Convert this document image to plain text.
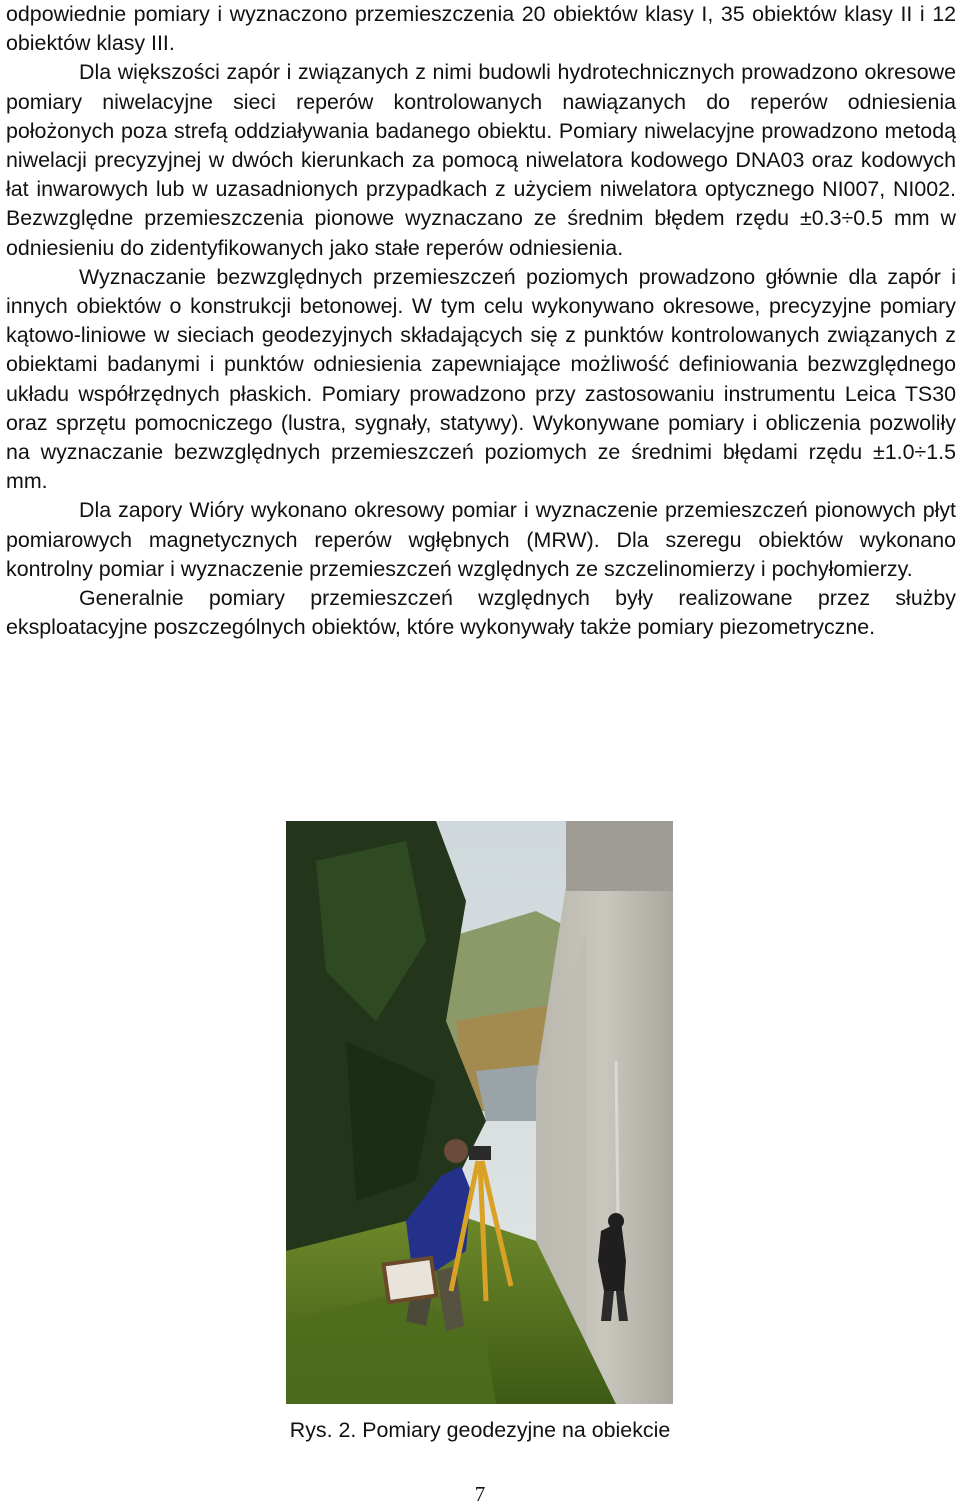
odpowiednie pomiary i wyznaczono przemieszczenia 20 obiektów klasy I, 35 obiektów klasy II i 12 obiektów klasy III.

Dla większości zapór i związanych z nimi budowli hydrotechnicznych prowadzono okresowe pomiary niwelacyjne sieci reperów kontrolowanych nawiązanych do reperów odniesienia położonych poza strefą oddziaływania badanego obiektu. Pomiary niwelacyjne prowadzono metodą niwelacji precyzyjnej w dwóch kierunkach za pomocą niwelatora kodowego DNA03 oraz kodowych łat inwarowych lub w uzasadnionych przypadkach z użyciem niwelatora optycznego NI007, NI002. Bezwzględne przemieszczenia pionowe wyznaczano ze średnim błędem rzędu ±0.3÷0.5 mm w odniesieniu do zidentyfikowanych jako stałe reperów odniesienia.

Wyznaczanie bezwzględnych przemieszczeń poziomych prowadzono głównie dla zapór i innych obiektów o konstrukcji betonowej. W tym celu wykonywano okresowe, precyzyjne pomiary kątowo-liniowe w sieciach geodezyjnych składających się z punktów kontrolowanych związanych z obiektami badanymi i punktów odniesienia zapewniające możliwość definiowania bezwzględnego układu współrzędnych płaskich. Pomiary prowadzono przy zastosowaniu instrumentu Leica TS30 oraz sprzętu pomocniczego (lustra, sygnały, statywy). Wykonywane pomiary i obliczenia pozwoliły na wyznaczanie bezwzględnych przemieszczeń poziomych ze średnimi błędami rzędu ±1.0÷1.5 mm.

Dla zapory Wióry wykonano okresowy pomiar i wyznaczenie przemieszczeń pionowych płyt pomiarowych magnetycznych reperów wgłębnych (MRW). Dla szeregu obiektów wykonano kontrolny pomiar i wyznaczenie przemieszczeń względnych ze szczelinomierzy i pochyłomierzy.

Generalnie pomiary przemieszczeń względnych były realizowane przez służby eksploatacyjne poszczególnych obiektów, które wykonywały także pomiary piezometryczne.

Rys. 2. Pomiary geodezyjne na obiekcie
7
